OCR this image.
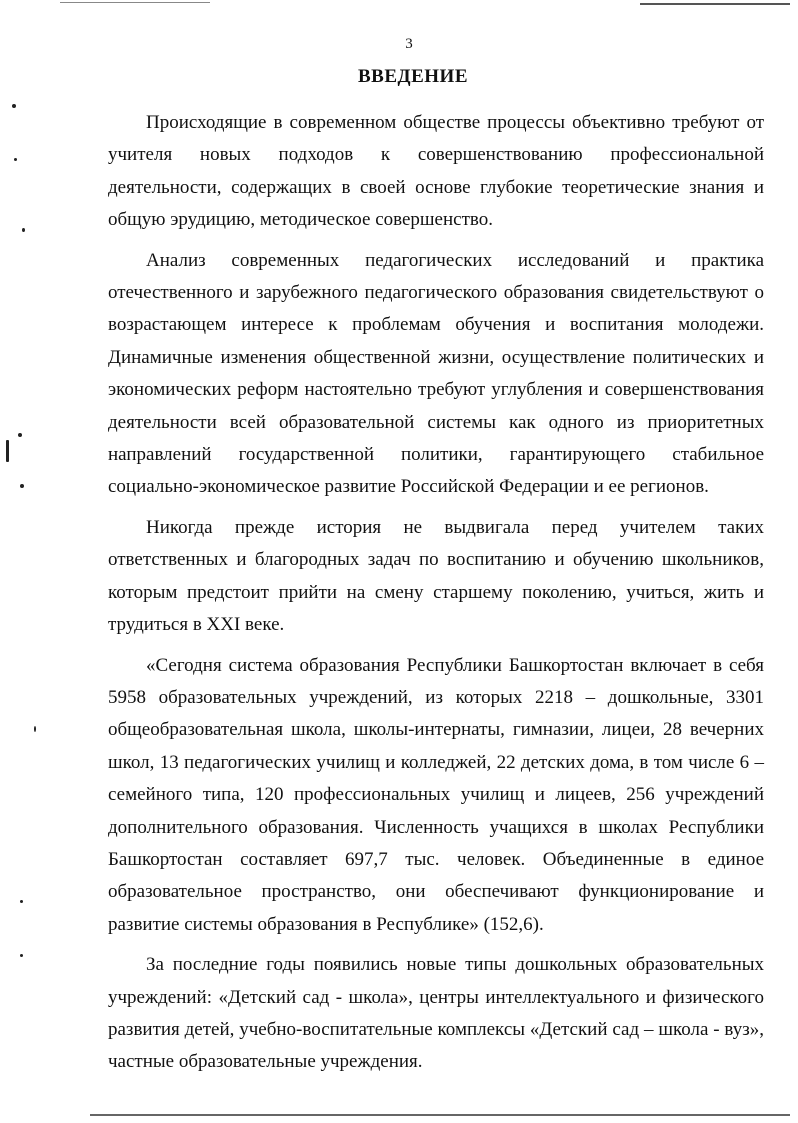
3
ВВЕДЕНИЕ

Происходящие в современном обществе процессы объективно требуют от учителя новых подходов к совершенствованию профессиональной деятельности, содержащих в своей основе глубокие теоретические знания и общую эрудицию, методическое совершенство.

Анализ современных педагогических исследований и практика отечественного и зарубежного педагогического образования свидетельствуют о возрастающем интересе к проблемам обучения и воспитания молодежи. Динамичные изменения общественной жизни, осуществление политических и экономических реформ настоятельно требуют углубления и совершенствования деятельности всей образовательной системы как одного из приоритетных направлений государственной политики, гарантирующего стабильное социально-экономическое развитие Российской Федерации и ее регионов.

Никогда прежде история не выдвигала перед учителем таких ответственных и благородных задач по воспитанию и обучению школьников, которым предстоит прийти на смену старшему поколению, учиться, жить и трудиться в XXI веке.

«Сегодня система образования Республики Башкортостан включает в себя 5958 образовательных учреждений, из которых 2218 – дошкольные, 3301 общеобразовательная школа, школы-интернаты, гимназии, лицеи, 28 вечерних школ, 13 педагогических училищ и колледжей, 22 детских дома, в том числе 6 – семейного типа, 120 профессиональных училищ и лицеев, 256 учреждений дополнительного образования. Численность учащихся в школах Республики Башкортостан составляет 697,7 тыс. человек. Объединенные в единое образовательное пространство, они обеспечивают функционирование и развитие системы образования в Республике» (152,6).

За последние годы появились новые типы дошкольных образовательных учреждений: «Детский сад - школа», центры интеллектуального и физического развития детей, учебно-воспитательные комплексы «Детский сад – школа - вуз», частные образовательные учреждения.
